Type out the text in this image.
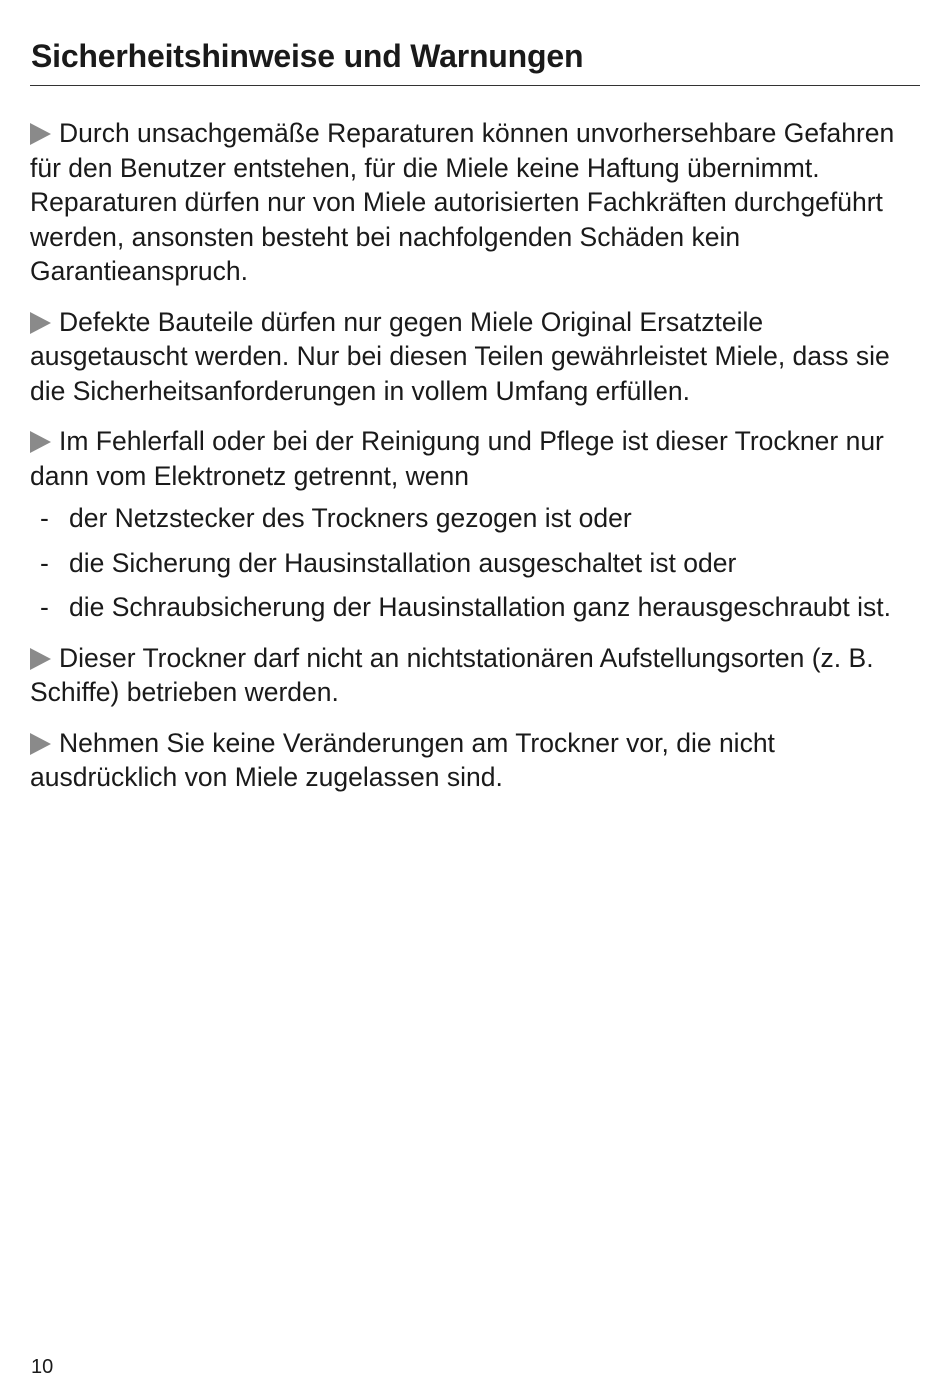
Sicherheitshinweise und Warnungen

Durch unsachgemäße Reparaturen können unvorhersehbare Gefahren für den Benutzer entstehen, für die Miele keine Haftung übernimmt. Reparaturen dürfen nur von Miele autorisierten Fachkräften durchgeführt werden, ansonsten besteht bei nachfolgenden Schäden kein Garantieanspruch.

Defekte Bauteile dürfen nur gegen Miele Original Ersatzteile ausgetauscht werden. Nur bei diesen Teilen gewährleistet Miele, dass sie die Sicherheitsanforderungen in vollem Umfang erfüllen.

Im Fehlerfall oder bei der Reinigung und Pflege ist dieser Trockner nur dann vom Elektronetz getrennt, wenn

- der Netzstecker des Trockners gezogen ist oder
- die Sicherung der Hausinstallation ausgeschaltet ist oder
- die Schraubsicherung der Hausinstallation ganz herausgeschraubt ist.

Dieser Trockner darf nicht an nichtstationären Aufstellungsorten (z. B. Schiffe) betrieben werden.

Nehmen Sie keine Veränderungen am Trockner vor, die nicht ausdrücklich von Miele zugelassen sind.

10
